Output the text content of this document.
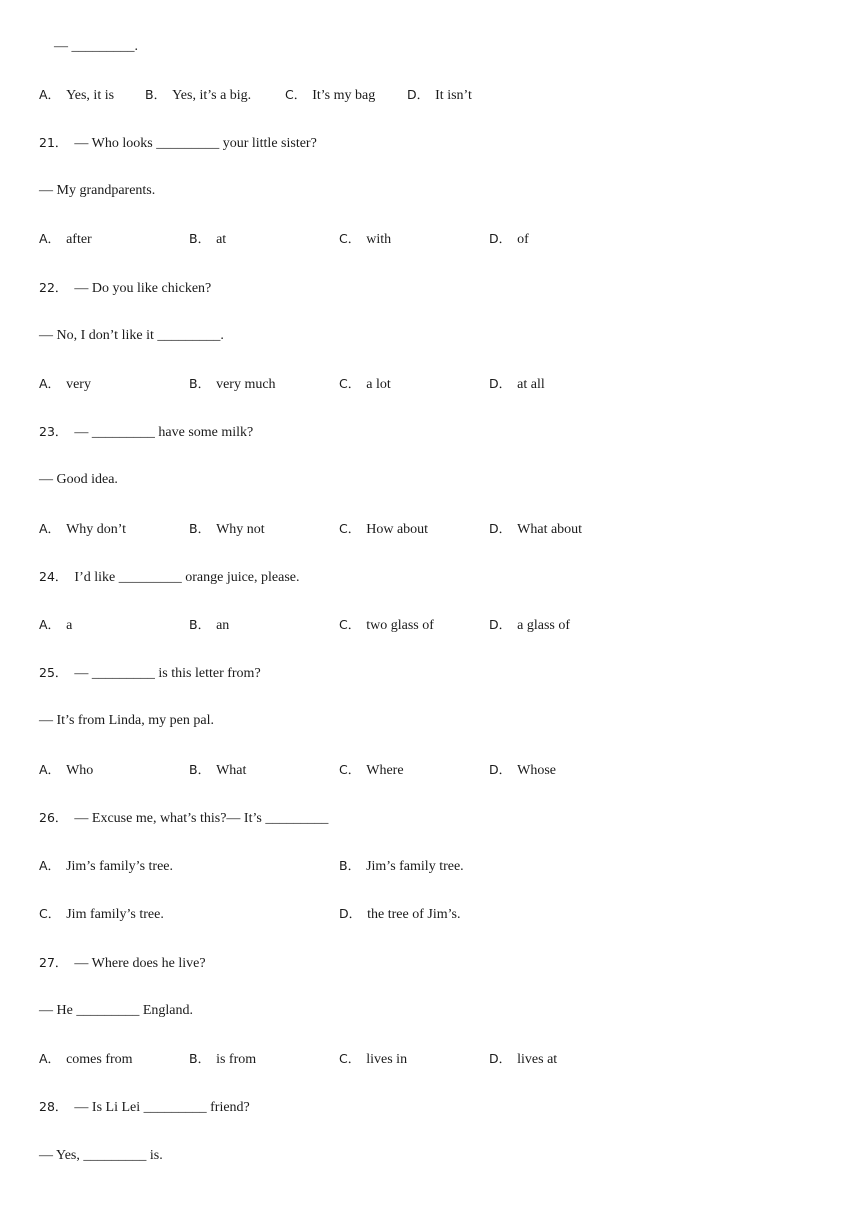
— _________.
A． Yes, it is B． Yes, it’s a big.	C． It’s my bag	D． It isn’t
21． — Who looks _________ your little sister?
— My grandparents.
A． after	B． at	C． with	D． of
22． — Do you like chicken?
— No, I don’t like it _________.
A． very	B． very much	C． a lot	D． at all
23． — _________ have some milk?
— Good idea.
A． Why don’t	B． Why not	C． How about	D． What about
24． I’d like _________ orange juice, please.
A． a	B． an	C． two glass of	D． a glass of
25． — _________ is this letter from?
— It’s from Linda, my pen pal.
A． Who	B． What	C． Where	D． Whose
26． — Excuse me, what’s this?— It’s _________
A． Jim’s family’s tree.	B． Jim’s family tree.
C． Jim family’s tree.	D． the tree of Jim’s.
27． — Where does he live?
— He _________ England.
A． comes from	B． is from	C． lives in	D． lives at
28． — Is Li Lei _________ friend?
— Yes, _________ is.
